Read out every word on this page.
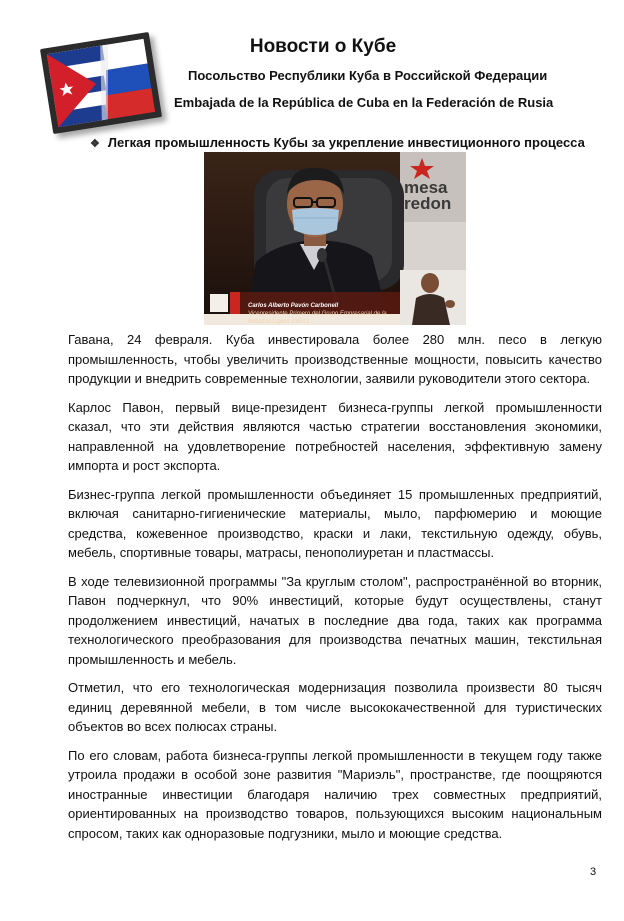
Новости о Кубе
Посольство Республики Куба в Российской Федерации
Embajada de la República de Cuba en la Federación de Rusia
❖ Легкая промышленность Кубы за укрепление инвестиционного процесса
mesa
redon
Carlos Alberto Pavón Carbonell
Vicepresidente Primero del Grupo Empresarial de la Industria Ligera (GEIL)

Гавана, 24 февраля. Куба инвестировала более 280 млн. песо в легкую промышленность, чтобы увеличить производственные мощности, повысить качество продукции и внедрить современные технологии, заявили руководители этого сектора.

Карлос Павон, первый вице-президент бизнеса-группы легкой промышленности сказал, что эти действия являются частью стратегии восстановления экономики, направленной на удовлетворение потребностей населения, эффективную замену импорта и рост экспорта.

Бизнес-группа легкой промышленности объединяет 15 промышленных предприятий, включая санитарно-гигиенические материалы, мыло, парфюмерию и моющие средства, кожевенное производство, краски и лаки, текстильную одежду, обувь, мебель, спортивные товары, матрасы, пенополиуретан и пластмассы.

В ходе телевизионной программы "За круглым столом", распространённой во вторник, Павон подчеркнул, что 90% инвестиций, которые будут осуществлены, станут продолжением инвестиций, начатых в последние два года, таких как программа технологического преобразования для производства печатных машин, текстильная промышленность и мебель.

Отметил, что его технологическая модернизация позволила произвести 80 тысяч единиц деревянной мебели, в том числе высококачественной для туристических объектов во всех полюсах страны.

По его словам, работа бизнеса-группы легкой промышленности в текущем году также утроила продажи в особой зоне развития "Мариэль", пространстве, где поощряются иностранные инвестиции благодаря наличию трех совместных предприятий, ориентированных на производство товаров, пользующихся высоким национальным спросом, таких как одноразовые подгузники, мыло и моющие средства.

3
